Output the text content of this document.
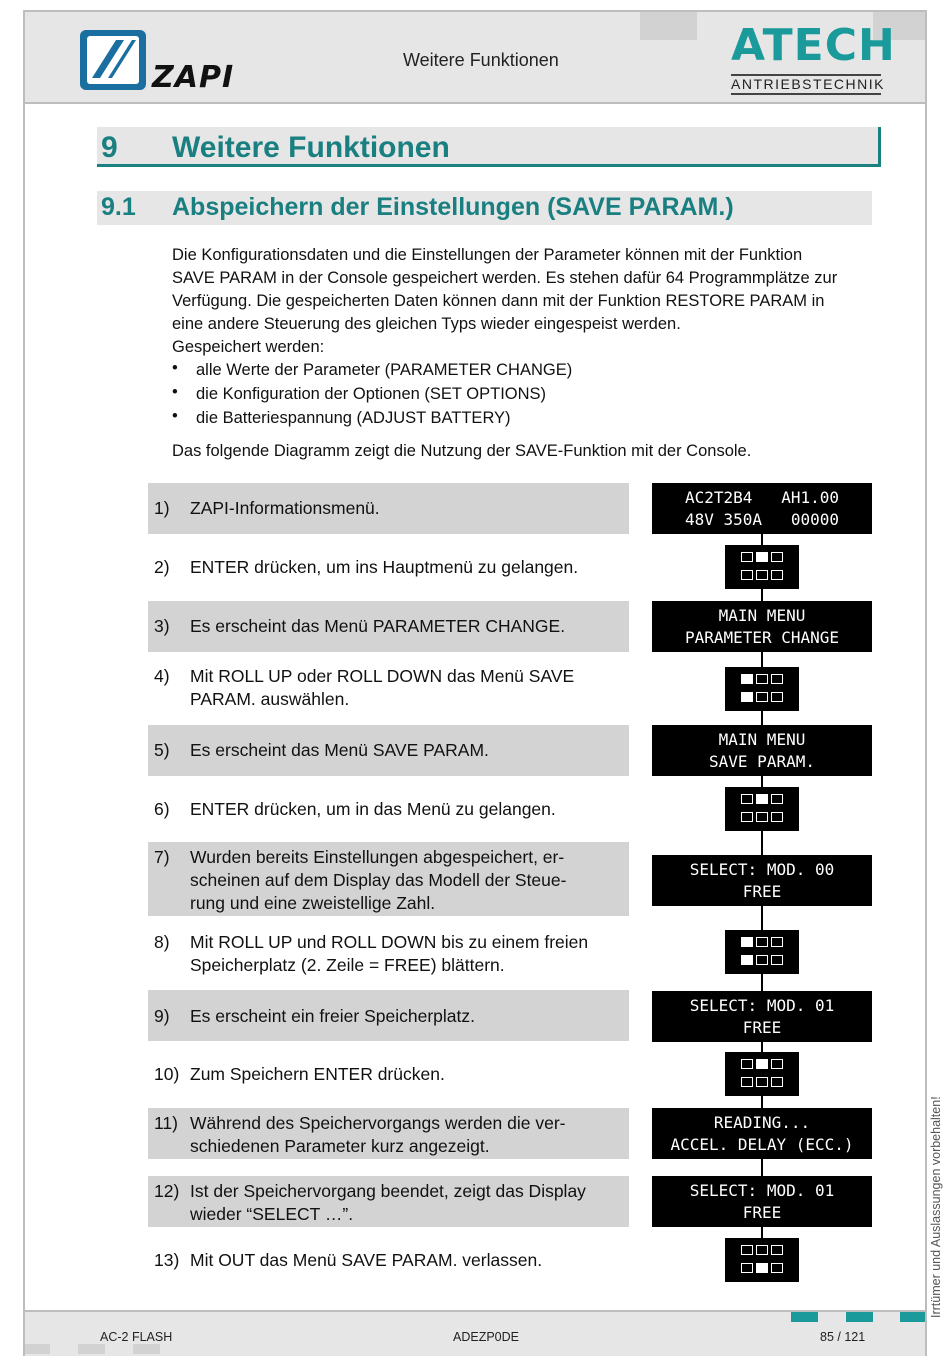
ZAPI	Weitere Funktionen	ATECH
ANTRIEBSTECHNIK
9 Weitere Funktionen
9.1 Abspeichern der Einstellungen (SAVE PARAM.)
Die Konfigurationsdaten und die Einstellungen der Parameter können mit der Funktion
SAVE PARAM in der Console gespeichert werden. Es stehen dafür 64 Programmplätze zur
Verfügung. Die gespeicherten Daten können dann mit der Funktion RESTORE PARAM in
eine andere Steuerung des gleichen Typs wieder eingespeist werden.
Gespeichert werden:
• alle Werte der Parameter (PARAMETER CHANGE)
• die Konfiguration der Optionen (SET OPTIONS)
• die Batteriespannung (ADJUST BATTERY)
Das folgende Diagramm zeigt die Nutzung der SAVE-Funktion mit der Console.
1) ZAPI-Informationsmenü.
2) ENTER drücken, um ins Hauptmenü zu gelangen.
3) Es erscheint das Menü PARAMETER CHANGE.
4) Mit ROLL UP oder ROLL DOWN das Menü SAVE
PARAM. auswählen.
5) Es erscheint das Menü SAVE PARAM.
6) ENTER drücken, um in das Menü zu gelangen.
7) Wurden bereits Einstellungen abgespeichert, er-
scheinen auf dem Display das Modell der Steue-
rung und eine zweistellige Zahl.
8) Mit ROLL UP und ROLL DOWN bis zu einem freien
Speicherplatz (2. Zeile = FREE) blättern.
9) Es erscheint ein freier Speicherplatz.
10) Zum Speichern ENTER drücken.
11) Während des Speichervorgangs werden die ver-
schiedenen Parameter kurz angezeigt.
12) Ist der Speichervorgang beendet, zeigt das Display
wieder “SELECT …”.
13) Mit OUT das Menü SAVE PARAM. verlassen.
AC2T2B4   AH1.00
48V 350A   00000
MAIN MENU
PARAMETER CHANGE
MAIN MENU
SAVE PARAM.
SELECT: MOD. 00
FREE
SELECT: MOD. 01
FREE
READING...
ACCEL. DELAY (ECC.)
SELECT: MOD. 01
FREE	Irrtümer und Auslassungen vorbehalten!
AC-2 FLASH	ADEZP0DE	85 / 121
